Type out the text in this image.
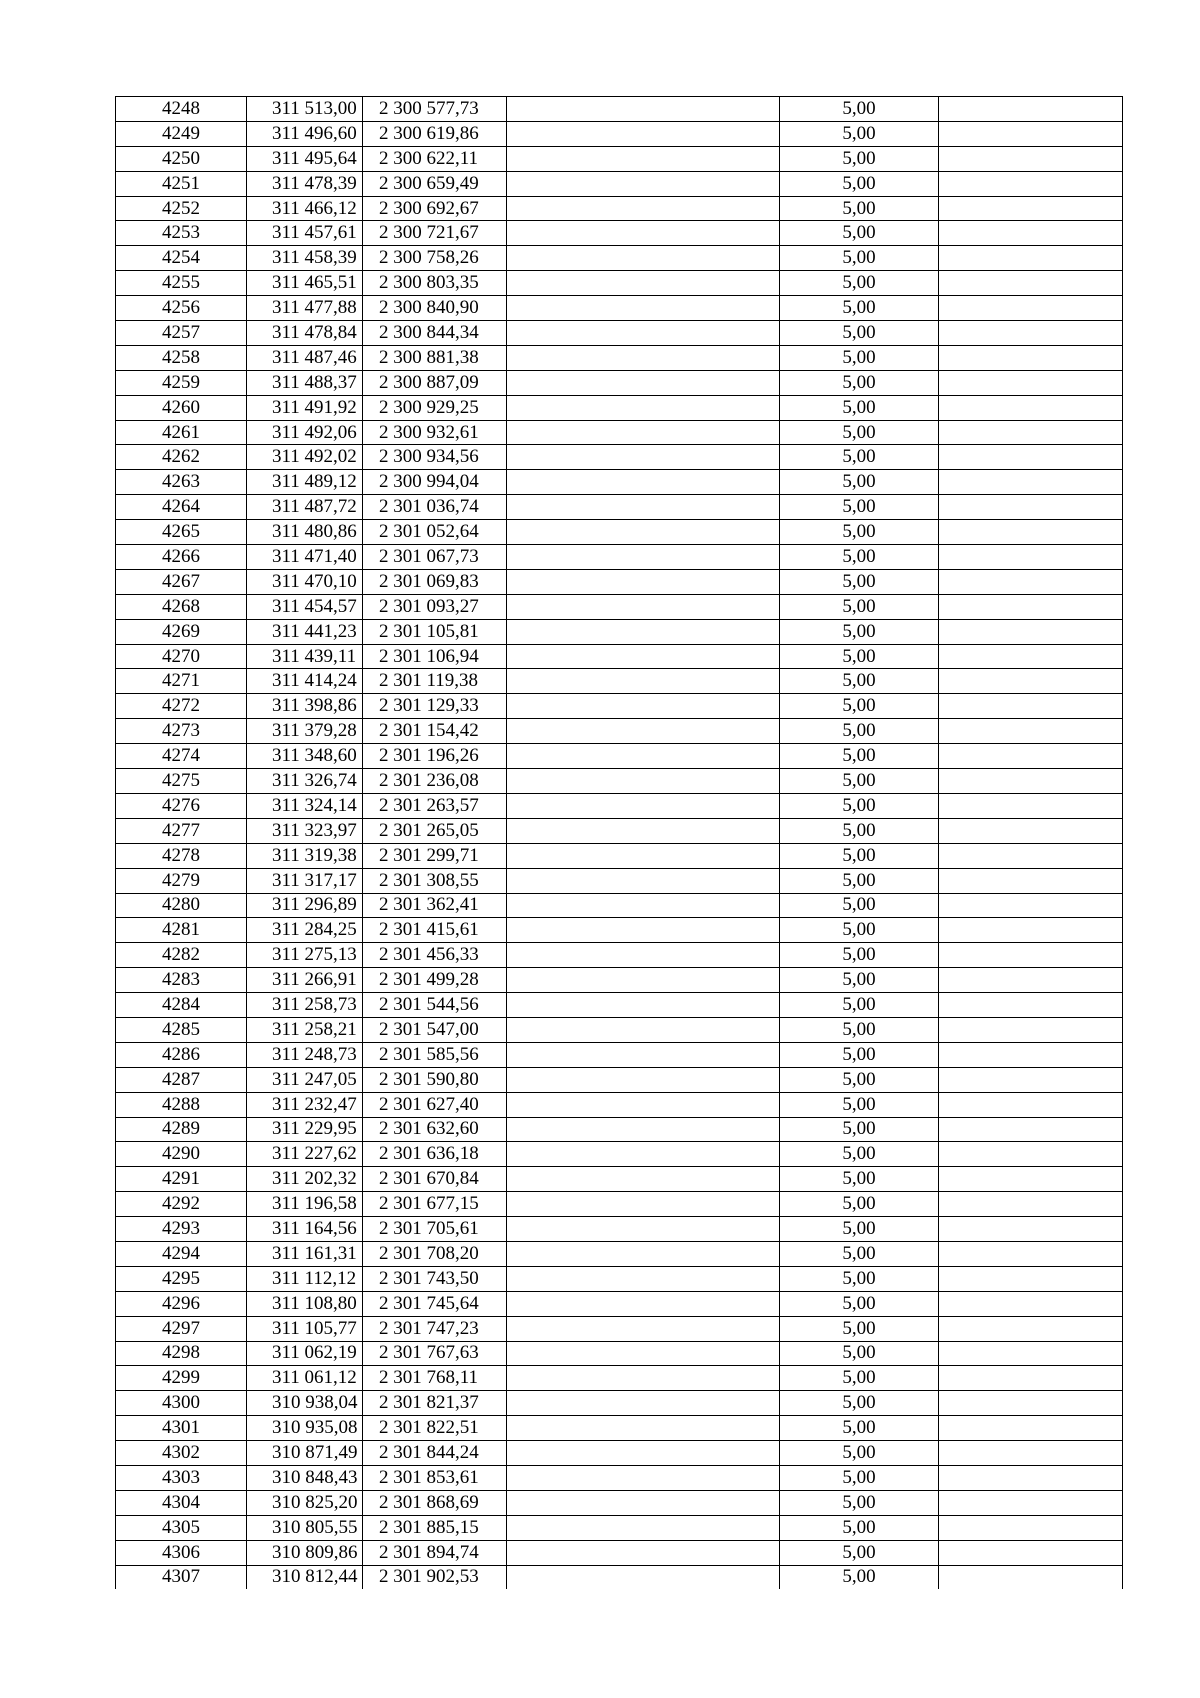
4248	311 513,00	2 300 577,73		5,00	
4249	311 496,60	2 300 619,86		5,00	
4250	311 495,64	2 300 622,11		5,00	
4251	311 478,39	2 300 659,49		5,00	
4252	311 466,12	2 300 692,67		5,00	
4253	311 457,61	2 300 721,67		5,00	
4254	311 458,39	2 300 758,26		5,00	
4255	311 465,51	2 300 803,35		5,00	
4256	311 477,88	2 300 840,90		5,00	
4257	311 478,84	2 300 844,34		5,00	
4258	311 487,46	2 300 881,38		5,00	
4259	311 488,37	2 300 887,09		5,00	
4260	311 491,92	2 300 929,25		5,00	
4261	311 492,06	2 300 932,61		5,00	
4262	311 492,02	2 300 934,56		5,00	
4263	311 489,12	2 300 994,04		5,00	
4264	311 487,72	2 301 036,74		5,00	
4265	311 480,86	2 301 052,64		5,00	
4266	311 471,40	2 301 067,73		5,00	
4267	311 470,10	2 301 069,83		5,00	
4268	311 454,57	2 301 093,27		5,00	
4269	311 441,23	2 301 105,81		5,00	
4270	311 439,11	2 301 106,94		5,00	
4271	311 414,24	2 301 119,38		5,00	
4272	311 398,86	2 301 129,33		5,00	
4273	311 379,28	2 301 154,42		5,00	
4274	311 348,60	2 301 196,26		5,00	
4275	311 326,74	2 301 236,08		5,00	
4276	311 324,14	2 301 263,57		5,00	
4277	311 323,97	2 301 265,05		5,00	
4278	311 319,38	2 301 299,71		5,00	
4279	311 317,17	2 301 308,55		5,00	
4280	311 296,89	2 301 362,41		5,00	
4281	311 284,25	2 301 415,61		5,00	
4282	311 275,13	2 301 456,33		5,00	
4283	311 266,91	2 301 499,28		5,00	
4284	311 258,73	2 301 544,56		5,00	
4285	311 258,21	2 301 547,00		5,00	
4286	311 248,73	2 301 585,56		5,00	
4287	311 247,05	2 301 590,80		5,00	
4288	311 232,47	2 301 627,40		5,00	
4289	311 229,95	2 301 632,60		5,00	
4290	311 227,62	2 301 636,18		5,00	
4291	311 202,32	2 301 670,84		5,00	
4292	311 196,58	2 301 677,15		5,00	
4293	311 164,56	2 301 705,61		5,00	
4294	311 161,31	2 301 708,20		5,00	
4295	311 112,12	2 301 743,50		5,00	
4296	311 108,80	2 301 745,64		5,00	
4297	311 105,77	2 301 747,23		5,00	
4298	311 062,19	2 301 767,63		5,00	
4299	311 061,12	2 301 768,11		5,00	
4300	310 938,04	2 301 821,37		5,00	
4301	310 935,08	2 301 822,51		5,00	
4302	310 871,49	2 301 844,24		5,00	
4303	310 848,43	2 301 853,61		5,00	
4304	310 825,20	2 301 868,69		5,00	
4305	310 805,55	2 301 885,15		5,00	
4306	310 809,86	2 301 894,74		5,00	
4307	310 812,44	2 301 902,53		5,00	
